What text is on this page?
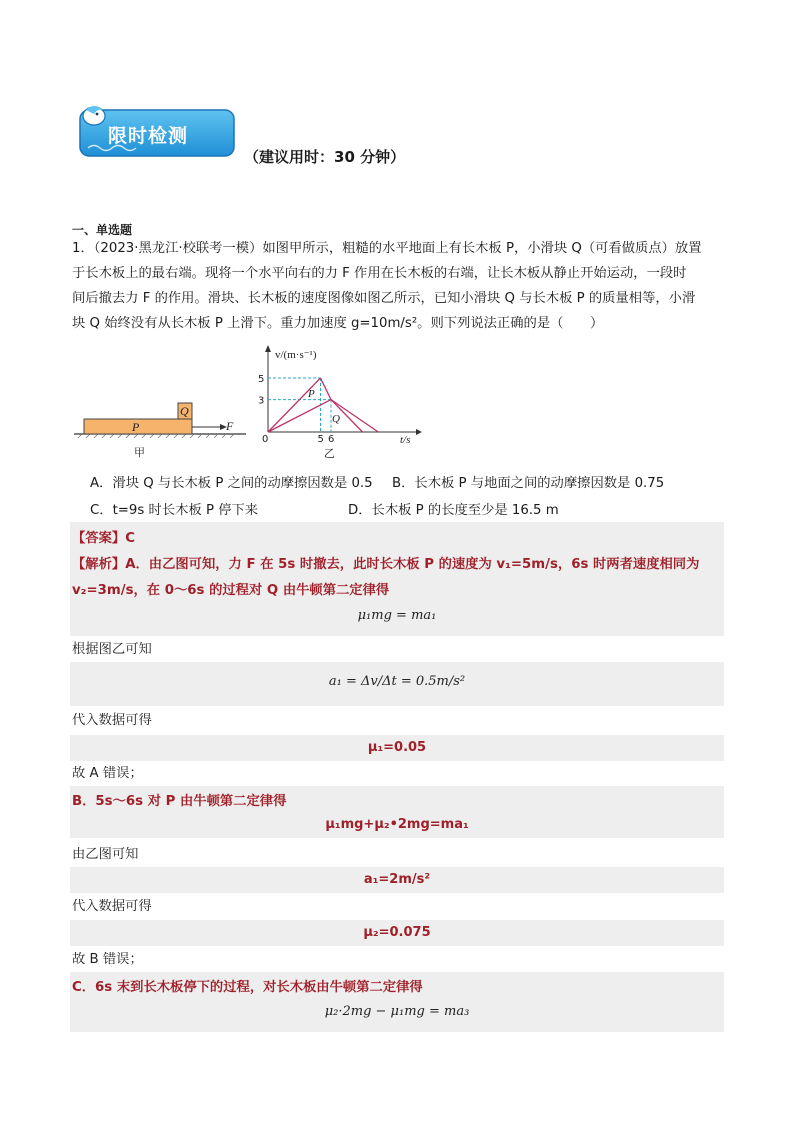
限时检测
（建议用时：30 分钟）
一、单选题
1．（2023·黑龙江·校联考一模）如图甲所示，粗糙的水平地面上有长木板 P，小滑块 Q（可看做质点）放置
于长木板上的最右端。现将一个水平向右的力 F 作用在长木板的右端，让长木板从静止开始运动，一段时
间后撤去力 F 的作用。滑块、长木板的速度图像如图乙所示，已知小滑块 Q 与长木板 P 的质量相等，小滑
块 Q 始终没有从长木板 P 上滑下。重力加速度 g=10m/s²。则下列说法正确的是（　　）
P
Q
F
甲
v/(m·s⁻¹)
t/s
0
5
3
5 6
P
Q
乙
A．滑块 Q 与长木板 P 之间的动摩擦因数是 0.5 B．长木板 P 与地面之间的动摩擦因数是 0.75
C．t=9s 时长木板 P 停下来	D．长木板 P 的长度至少是 16.5 m
【答案】C
【解析】A．由乙图可知，力 F 在 5s 时撤去，此时长木板 P 的速度为 v₁=5m/s，6s 时两者速度相同为
v₂=3m/s，在 0～6s 的过程对 Q 由牛顿第二定律得
μ₁mg = ma₁
根据图乙可知
a₁ = Δv/Δt = 0.5m/s²
代入数据可得
μ₁=0.05
故 A 错误；
B．5s～6s 对 P 由牛顿第二定律得
μ₁mg+μ₂•2mg=ma₁
由乙图可知
a₁=2m/s²
代入数据可得
μ₂=0.075
故 B 错误；
C．6s 末到长木板停下的过程，对长木板由牛顿第二定律得
μ₂·2mg − μ₁mg = ma₃
